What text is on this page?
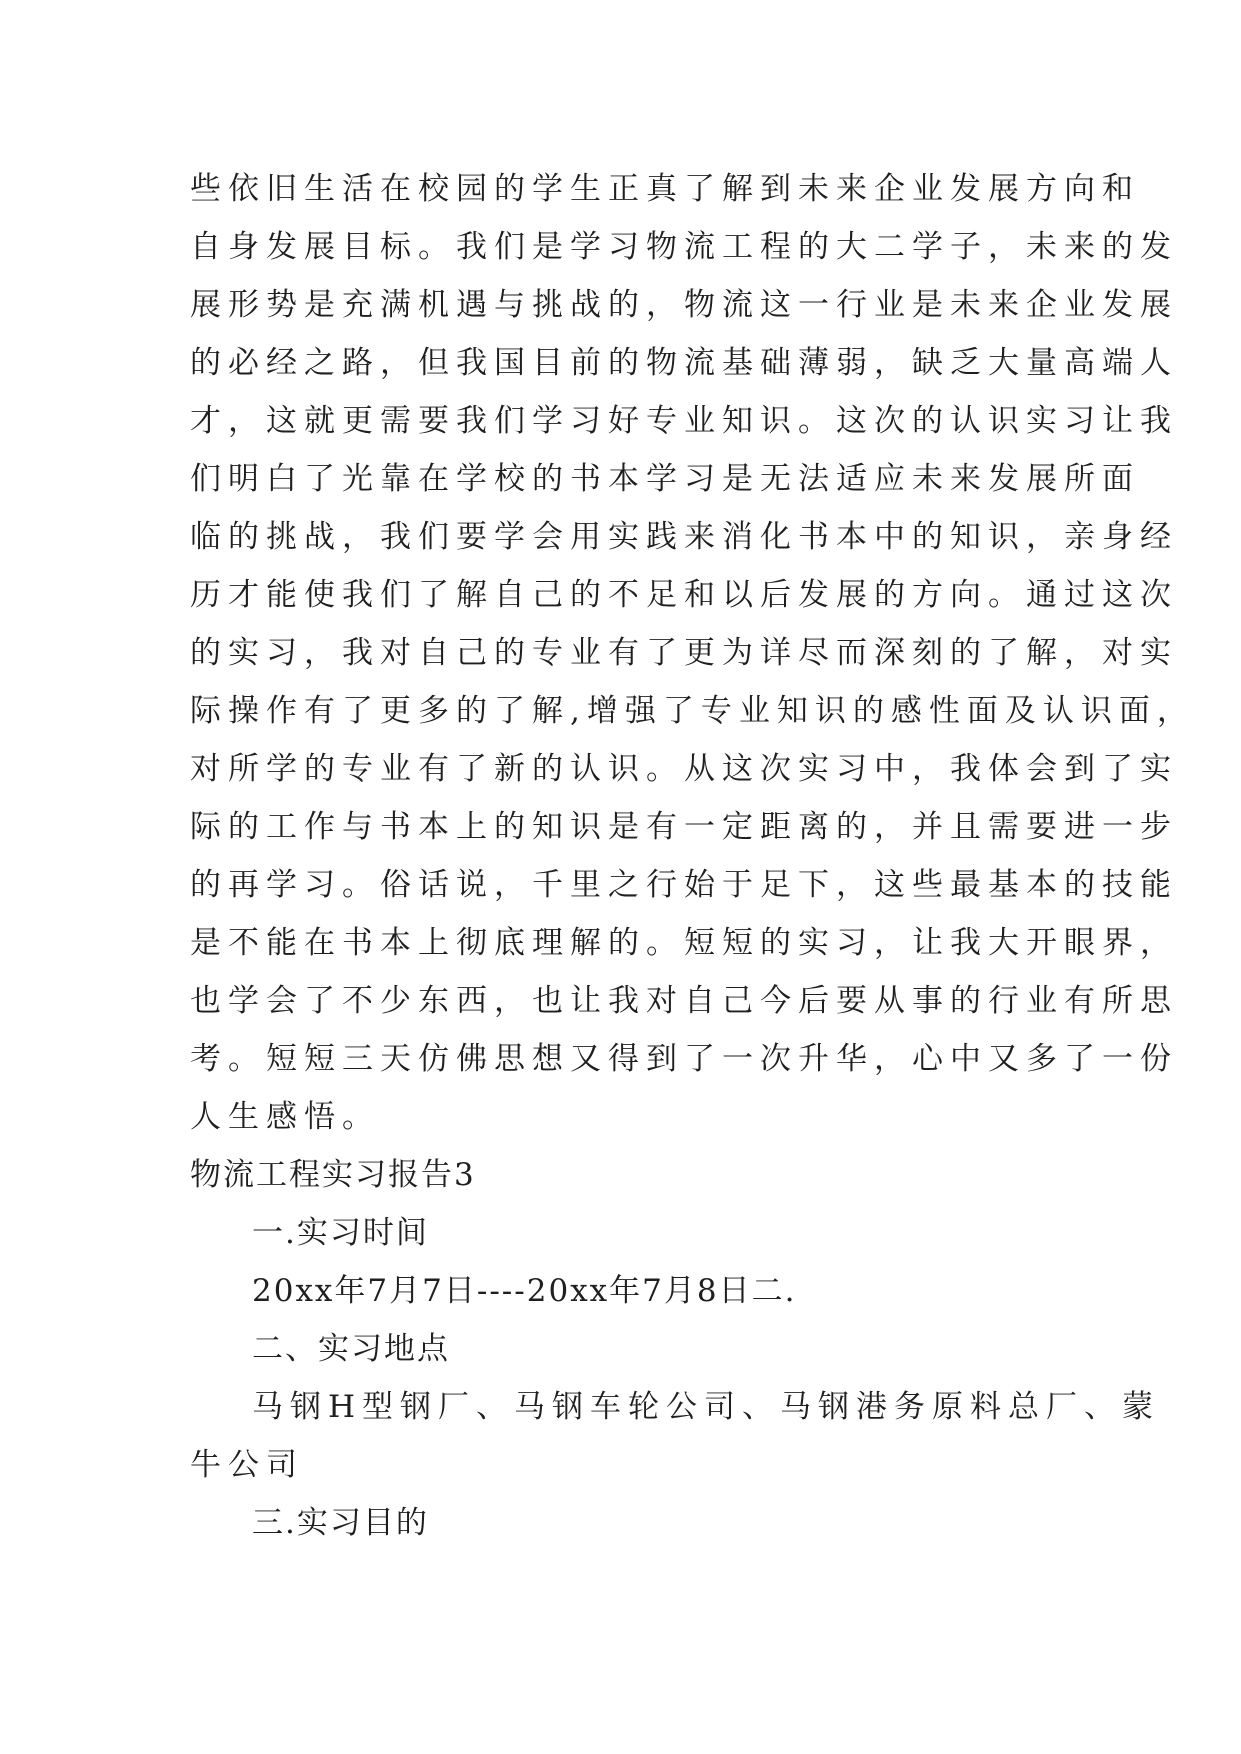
些依旧生活在校园的学生正真了解到未来企业发展方向和
自身发展目标。我们是学习物流工程的大二学子，未来的发
展形势是充满机遇与挑战的，物流这一行业是未来企业发展
的必经之路，但我国目前的物流基础薄弱，缺乏大量高端人
才，这就更需要我们学习好专业知识。这次的认识实习让我
们明白了光靠在学校的书本学习是无法适应未来发展所面
临的挑战，我们要学会用实践来消化书本中的知识，亲身经
历才能使我们了解自己的不足和以后发展的方向。通过这次
的实习，我对自己的专业有了更为详尽而深刻的了解，对实
际操作有了更多的了解,增强了专业知识的感性面及认识面，
对所学的专业有了新的认识。从这次实习中，我体会到了实
际的工作与书本上的知识是有一定距离的，并且需要进一步
的再学习。俗话说，千里之行始于足下，这些最基本的技能
是不能在书本上彻底理解的。短短的实习，让我大开眼界，
也学会了不少东西，也让我对自己今后要从事的行业有所思
考。短短三天仿佛思想又得到了一次升华，心中又多了一份
人生感悟。
物流工程实习报告3
一.实习时间
20xx年7月7日----20xx年7月8日二.
二、实习地点
马钢H型钢厂、马钢车轮公司、马钢港务原料总厂、蒙
牛公司
三.实习目的
